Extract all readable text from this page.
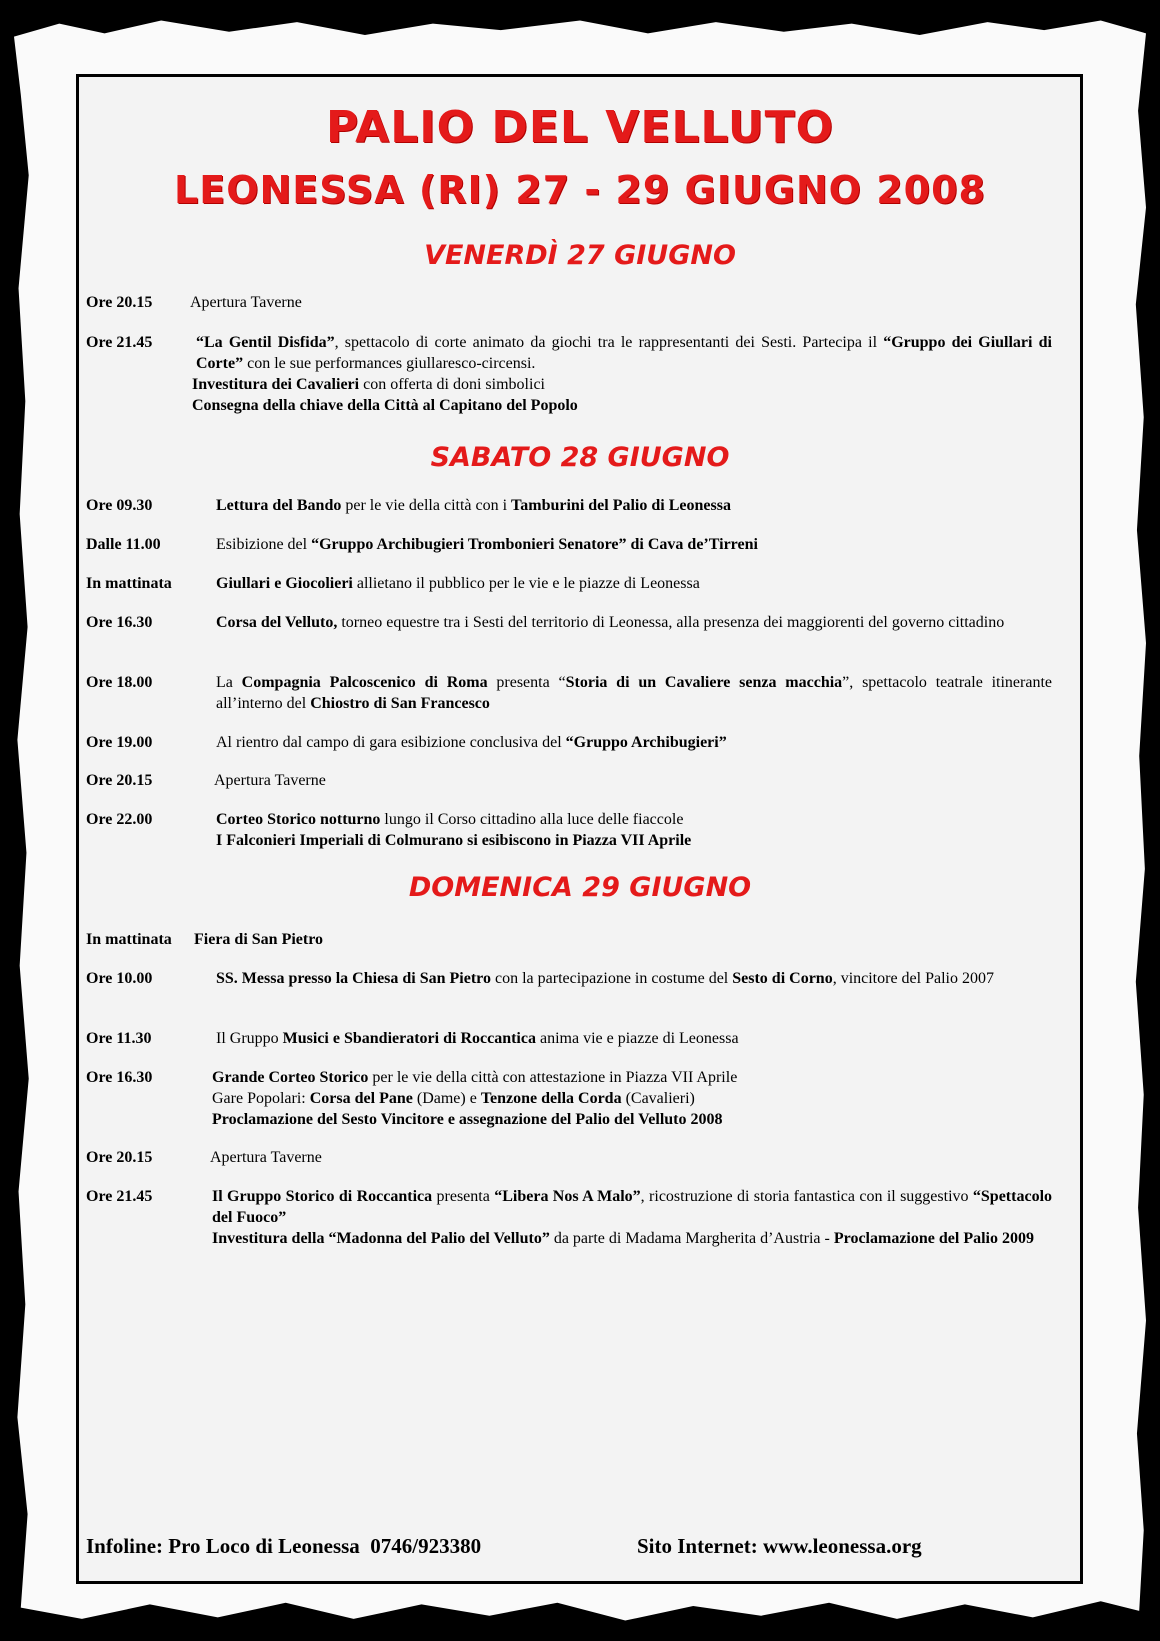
PALIO DEL VELLUTO
LEONESSA (RI) 27 - 29 GIUGNO 2008
VENERDÌ 27 GIUGNO
Ore 20.15 Apertura Taverne

Ore 21.45	“La Gentil Disfida”, spettacolo di corte animato da giochi tra le rappresentanti dei Sesti. Partecipa il “Gruppo dei Giullari di Corte” con le sue performances giullaresco-circensi.

Investitura dei Cavalieri con offerta di doni simbolici

Consegna della chiave della Città al Capitano del Popolo

SABATO 28 GIUGNO
Ore 09.30	Lettura del Bando per le vie della città con i Tamburini del Palio di Leonessa

Dalle 11.00	Esibizione del “Gruppo Archibugieri Trombonieri Senatore” di Cava de’Tirreni

In mattinata	Giullari e Giocolieri allietano il pubblico per le vie e le piazze di Leonessa

Ore 16.30	Corsa del Velluto, torneo equestre tra i Sesti del territorio di Leonessa, alla presenza dei maggiorenti del governo cittadino

Ore 18.00	La Compagnia Palcoscenico di Roma presenta “Storia di un Cavaliere senza macchia”, spettacolo teatrale itinerante all’interno del Chiostro di San Francesco

Ore 19.00	Al rientro dal campo di gara esibizione conclusiva del “Gruppo Archibugieri”

Ore 20.15	Apertura Taverne

Ore 22.00	Corteo Storico notturno lungo il Corso cittadino alla luce delle fiaccole

I Falconieri Imperiali di Colmurano si esibiscono in Piazza VII Aprile

DOMENICA 29 GIUGNO
In mattinata Fiera di San Pietro

Ore 10.00	SS. Messa presso la Chiesa di San Pietro con la partecipazione in costume del Sesto di Corno, vincitore del Palio 2007

Ore 11.30	Il Gruppo Musici e Sbandieratori di Roccantica anima vie e piazze di Leonessa

Ore 16.30	Grande Corteo Storico per le vie della città con attestazione in Piazza VII Aprile

Gare Popolari: Corsa del Pane (Dame) e Tenzone della Corda (Cavalieri)

Proclamazione del Sesto Vincitore e assegnazione del Palio del Velluto 2008

Ore 20.15	Apertura Taverne

Ore 21.45	Il Gruppo Storico di Roccantica presenta “Libera Nos A Malo”, ricostruzione di storia fantastica con il suggestivo “Spettacolo del Fuoco”

Investitura della “Madonna del Palio del Velluto” da parte di Madama Margherita d’Austria - Proclamazione del Palio 2009

Infoline: Pro Loco di Leonessa  0746/923380	Sito Internet: www.leonessa.org
